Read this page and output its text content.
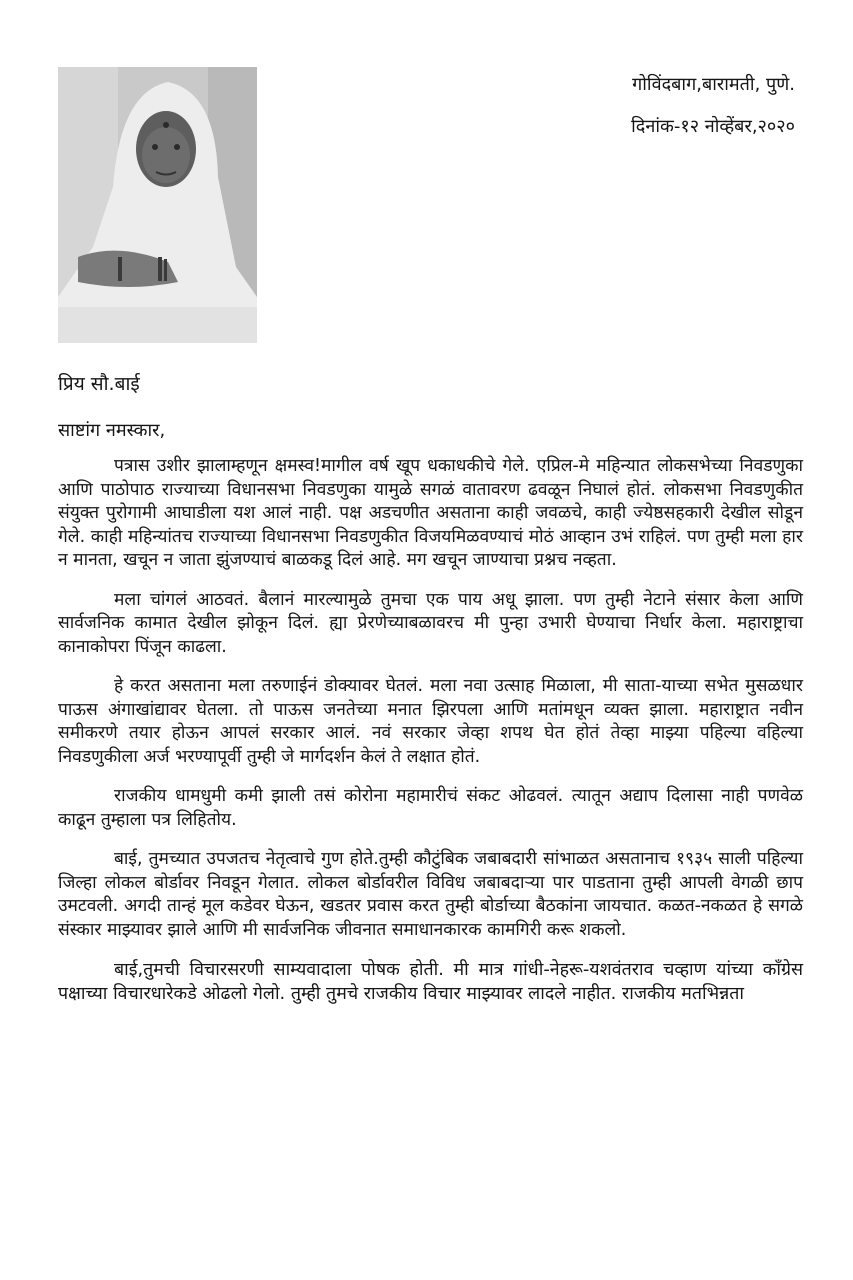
गोविंदबाग,बारामती, पुणे.
दिनांक-१२ नोव्हेंबर,२०२०
प्रिय सौ.बाई
साष्टांग नमस्कार,

पत्रास उशीर झालाम्हणून क्षमस्व!मागील वर्ष खूप धकाधकीचे गेले. एप्रिल-मे महिन्यात लोकसभेच्या निवडणुका आणि पाठोपाठ राज्याच्या विधानसभा निवडणुका यामुळे सगळं वातावरण ढवळून निघालं होतं. लोकसभा निवडणुकीत संयुक्त पुरोगामी आघाडीला यश आलं नाही. पक्ष अडचणीत असताना काही जवळचे, काही ज्येष्ठसहकारी देखील सोडून गेले. काही महिन्यांतच राज्याच्या विधानसभा निवडणुकीत विजयमिळवण्याचं मोठं आव्हान उभं राहिलं. पण तुम्ही मला हार न मानता, खचून न जाता झुंजण्याचं बाळकडू दिलं आहे. मग खचून जाण्याचा प्रश्नच नव्हता.

मला चांगलं आठवतं. बैलानं मारल्यामुळे तुमचा एक पाय अधू झाला. पण तुम्ही नेटाने संसार केला आणि सार्वजनिक कामात देखील झोकून दिलं. ह्या प्रेरणेच्याबळावरच मी पुन्हा उभारी घेण्याचा निर्धार केला. महाराष्ट्राचा कानाकोपरा पिंजून काढला.

हे करत असताना मला तरुणाईनं डोक्यावर घेतलं. मला नवा उत्साह मिळाला, मी साता-याच्या सभेत मुसळधार पाऊस अंगाखांद्यावर घेतला. तो पाऊस जनतेच्या मनात झिरपला आणि मतांमधून व्यक्त झाला. महाराष्ट्रात नवीन समीकरणे तयार होऊन आपलं सरकार आलं. नवं सरकार जेव्हा शपथ घेत होतं तेव्हा माझ्या पहिल्या वहिल्या निवडणुकीला अर्ज भरण्यापूर्वी तुम्ही जे मार्गदर्शन केलं ते लक्षात होतं.

राजकीय धामधुमी कमी झाली तसं कोरोना महामारीचं संकट ओढवलं. त्यातून अद्याप दिलासा नाही पणवेळ काढून तुम्हाला पत्र लिहितोय.

बाई, तुमच्यात उपजतच नेतृत्वाचे गुण होते.तुम्ही कौटुंबिक जबाबदारी सांभाळत असतानाच १९३५ साली पहिल्या जिल्हा लोकल बोर्डावर निवडून गेलात. लोकल बोर्डावरील विविध जबाबदाऱ्या पार पाडताना तुम्ही आपली वेगळी छाप उमटवली. अगदी तान्हं मूल कडेवर घेऊन, खडतर प्रवास करत तुम्ही बोर्डाच्या बैठकांना जायचात. कळत-नकळत हे सगळे संस्कार माझ्यावर झाले आणि मी सार्वजनिक जीवनात समाधानकारक कामगिरी करू शकलो.

बाई,तुमची विचारसरणी साम्यवादाला पोषक होती. मी मात्र गांधी-नेहरू-यशवंतराव चव्हाण यांच्या काँग्रेस पक्षाच्या विचारधारेकडे ओढलो गेलो. तुम्ही तुमचे राजकीय विचार माझ्यावर लादले नाहीत. राजकीय मतभिन्नता
